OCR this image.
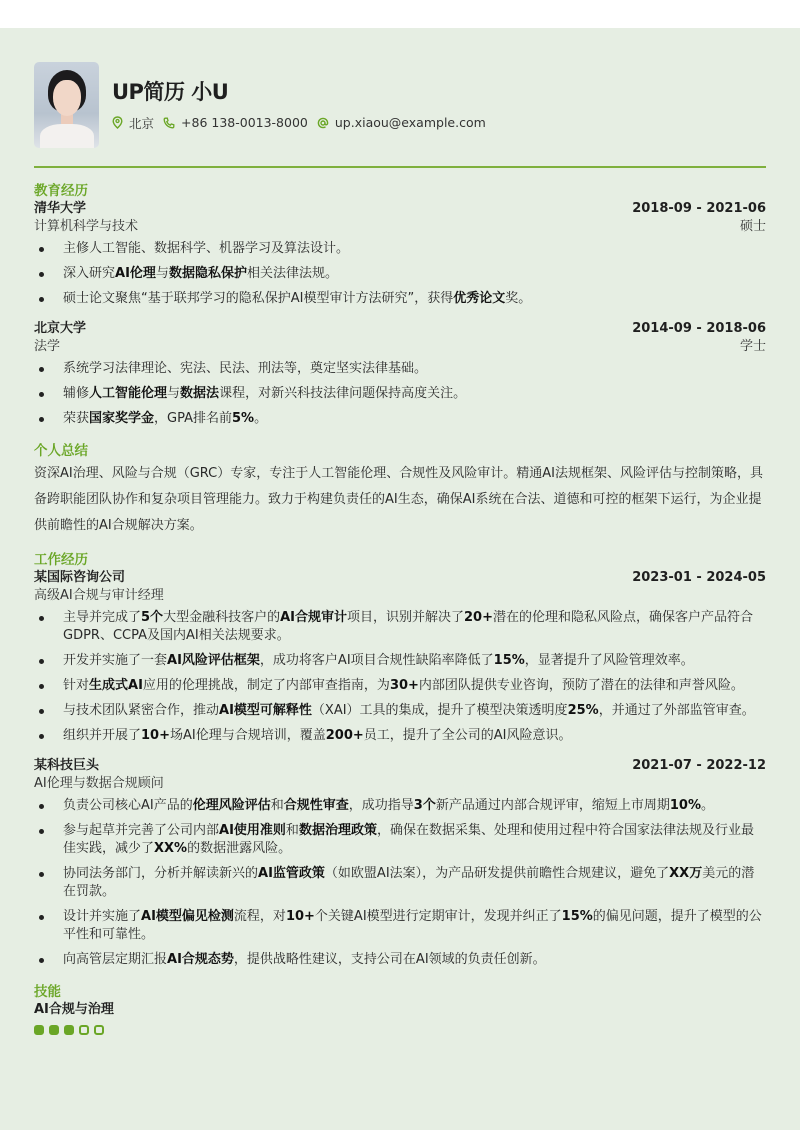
UP简历 小U
北京 +86 138-0013-8000 up.xiaou@example.com
教育经历
清华大学	2018-09 - 2021-06
计算机科学与技术	硕士
主修人工智能、数据科学、机器学习及算法设计。
深入研究AI伦理与数据隐私保护相关法律法规。
硕士论文聚焦“基于联邦学习的隐私保护AI模型审计方法研究”，获得优秀论文奖。
北京大学	2014-09 - 2018-06
法学	学士
系统学习法律理论、宪法、民法、刑法等，奠定坚实法律基础。
辅修人工智能伦理与数据法课程，对新兴科技法律问题保持高度关注。
荣获国家奖学金，GPA排名前5%。
个人总结
资深AI治理、风险与合规（GRC）专家，专注于人工智能伦理、合规性及风险审计。精通AI法规框架、风险评估与控制策略，具备跨职能团队协作和复杂项目管理能力。致力于构建负责任的AI生态，确保AI系统在合法、道德和可控的框架下运行，为企业提供前瞻性的AI合规解决方案。
工作经历
某国际咨询公司	2023-01 - 2024-05
高级AI合规与审计经理
主导并完成了5个大型金融科技客户的AI合规审计项目，识别并解决了20+潜在的伦理和隐私风险点，确保客户产品符合GDPR、CCPA及国内AI相关法规要求。
开发并实施了一套AI风险评估框架，成功将客户AI项目合规性缺陷率降低了15%，显著提升了风险管理效率。
针对生成式AI应用的伦理挑战，制定了内部审查指南，为30+内部团队提供专业咨询，预防了潜在的法律和声誉风险。
与技术团队紧密合作，推动AI模型可解释性（XAI）工具的集成，提升了模型决策透明度25%，并通过了外部监管审查。
组织并开展了10+场AI伦理与合规培训，覆盖200+员工，提升了全公司的AI风险意识。
某科技巨头	2021-07 - 2022-12
AI伦理与数据合规顾问
负责公司核心AI产品的伦理风险评估和合规性审查，成功指导3个新产品通过内部合规评审，缩短上市周期10%。
参与起草并完善了公司内部AI使用准则和数据治理政策，确保在数据采集、处理和使用过程中符合国家法律法规及行业最佳实践，减少了XX%的数据泄露风险。
协同法务部门，分析并解读新兴的AI监管政策（如欧盟AI法案），为产品研发提供前瞻性合规建议，避免了XX万美元的潜在罚款。
设计并实施了AI模型偏见检测流程，对10+个关键AI模型进行定期审计，发现并纠正了15%的偏见问题，提升了模型的公平性和可靠性。
向高管层定期汇报AI合规态势，提供战略性建议，支持公司在AI领域的负责任创新。
技能
AI合规与治理
